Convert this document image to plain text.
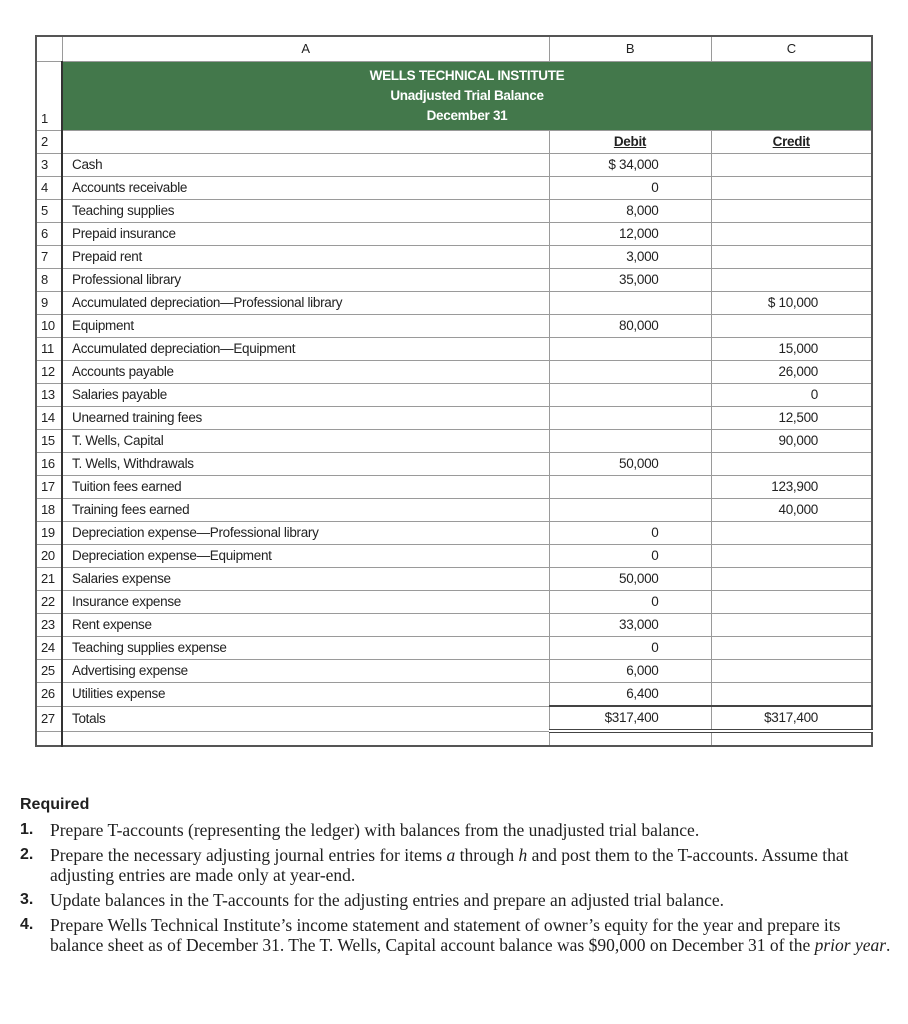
	A	B	C
1	WELLS TECHNICAL INSTITUTE
Unadjusted Trial Balance
December 31		

2		Debit	Credit
3	Cash	$ 34,000	
4	Accounts receivable	0	
5	Teaching supplies	8,000	
6	Prepaid insurance	12,000	
7	Prepaid rent	3,000	
8	Professional library	35,000	
9	Accumulated depreciation—Professional library		$ 10,000
10	Equipment	80,000	
11	Accumulated depreciation—Equipment		15,000
12	Accounts payable		26,000
13	Salaries payable		0
14	Unearned training fees		12,500
15	T. Wells, Capital		90,000
16	T. Wells, Withdrawals	50,000	
17	Tuition fees earned		123,900
18	Training fees earned		40,000
19	Depreciation expense—Professional library	0	
20	Depreciation expense—Equipment	0	
21	Salaries expense	50,000	
22	Insurance expense	0	
23	Rent expense	33,000	
24	Teaching supplies expense	0	
25	Advertising expense	6,000	
26	Utilities expense	6,400	
27	Totals	$317,400	$317,400

Required
1. Prepare T-accounts (representing the ledger) with balances from the unadjusted trial balance.
2. Prepare the necessary adjusting journal entries for items a through h and post them to the T-accounts. Assume that adjusting entries are made only at year-end.
3. Update balances in the T-accounts for the adjusting entries and prepare an adjusted trial balance.
4. Prepare Wells Technical Institute’s income statement and statement of owner’s equity for the year and prepare its balance sheet as of December 31. The T. Wells, Capital account balance was $90,000 on December 31 of the prior year.
